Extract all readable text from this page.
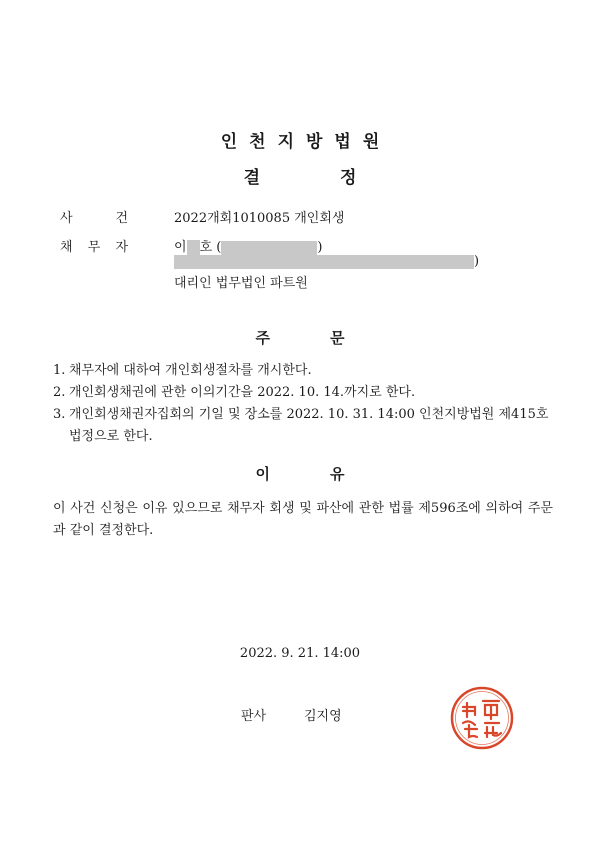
인천지방법원
결정
사	건	2022개회1010085 개인회생
채 무 자	이 호 (	)
)
대리인 법무법인 파트원
주문
1. 채무자에 대하여 개인회생절차를 개시한다.
2. 개인회생채권에 관한 이의기간을 2022. 10. 14.까지로 한다.
3. 개인회생채권자집회의 기일 및 장소를 2022. 10. 31. 14:00 인천지방법원 제415호
법정으로 한다.
이유
이 사건 신청은 이유 있으므로 채무자 회생 및 파산에 관한 법률 제596조에 의하여 주문과 같이 결정한다.
2022. 9. 21. 14:00
판사	김지영
